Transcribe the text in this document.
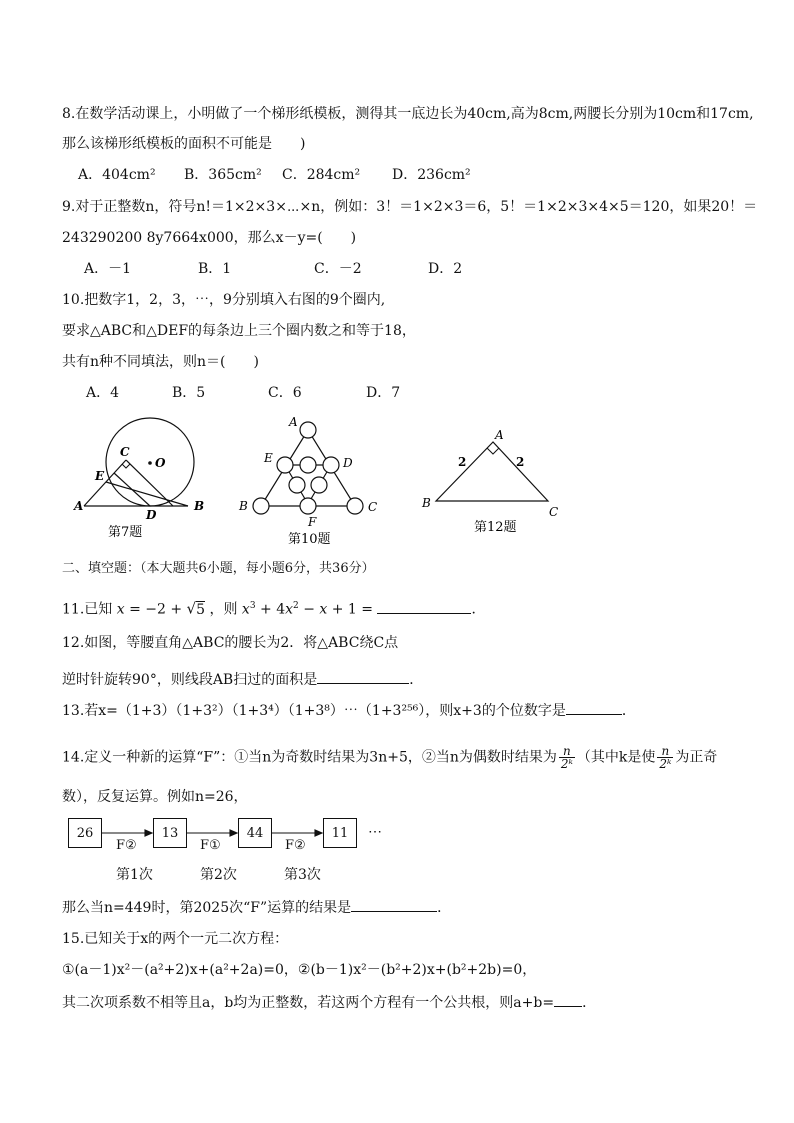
8.在数学活动课上，小明做了一个梯形纸模板，测得其一底边长为40cm,高为8cm,两腰长分别为10cm和17cm,
那么该梯形纸模板的面积不可能是　　)
A．404cm² B．365cm² C．284cm² D．236cm²
9.对于正整数n，符号n!＝1×2×3×⋯×n，例如：3！＝1×2×3＝6，5！＝1×2×3×4×5＝120，如果20！＝
243290200 8y7664x000，那么x－y=(　　)
A．－1	B．1	C．－2	D．2
10.把数字1，2，3，⋯，9分别填入右图的9个圈内,
要求△ABC和△DEF的每条边上三个圈内数之和等于18，
共有n种不同填法，则n＝(　　)
A．4	B．5	C．6	D．7
C
O
E
A
D
B
第7题
A
E	D
B
F
C
第10题
A
B
C
2	2
第12题
二、填空题：（本大题共6小题，每小题6分，共36分）
11.已知 x = −2 + √5 ，则 $x^3 + 4x^2 - x + 1$ =	．
12.如图，等腰直角△ABC的腰长为2．将△ABC绕C点
逆时针旋转90°，则线段AB扫过的面积是	．
13.若x=（1+3）（1+3²）（1+3⁴）（1+3⁸）⋯（1+3²⁵⁶），则x+3的个位数字是	．
14.定义一种新的运算“F”：①当n为奇数时结果为3n+5，②当n为偶数时结果为 $\frac{n}{\text{2ᵏ}}$ （其中k是使 $\frac{n}{\text{2ᵏ}}$ 为正奇
数），反复运算。例如n=26，
26	13	44	11
F②	F①	F②
⋯
第1次	第2次	第3次
那么当n=449时，第2025次“F”运算的结果是	．
15.已知关于x的两个一元二次方程：
①(a－1)x²－(a²+2)x+(a²+2a)=0，②(b－1)x²－(b²+2)x+(b²+2b)=0，
其二次项系数不相等且a，b均为正整数，若这两个方程有一个公共根，则a+b= ．
